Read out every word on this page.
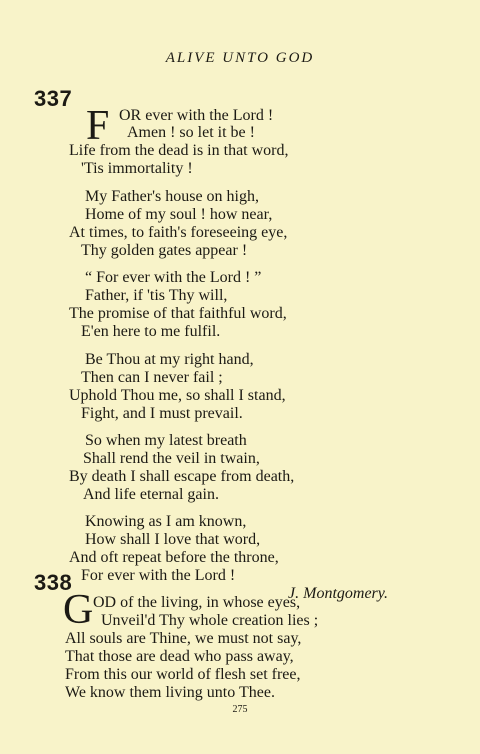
ALIVE UNTO GOD
337
F OR ever with the Lord !
Amen ! so let it be !
Life from the dead is in that word,
'Tis immortality !
My Father's house on high,
Home of my soul ! how near,
At times, to faith's foreseeing eye,
Thy golden gates appear !
“ For ever with the Lord ! ”
Father, if 'tis Thy will,
The promise of that faithful word,
E'en here to me fulfil.
Be Thou at my right hand,
Then can I never fail ;
Uphold Thou me, so shall I stand,
Fight, and I must prevail.
So when my latest breath
Shall rend the veil in twain,
By death I shall escape from death,
And life eternal gain.
Knowing as I am known,
How shall I love that word,
And oft repeat before the throne,
For ever with the Lord !
J. Montgomery.
338
G OD of the living, in whose eyes,
Unveil'd Thy whole creation lies ;
All souls are Thine, we must not say,
That those are dead who pass away,
From this our world of flesh set free,
We know them living unto Thee.
275
